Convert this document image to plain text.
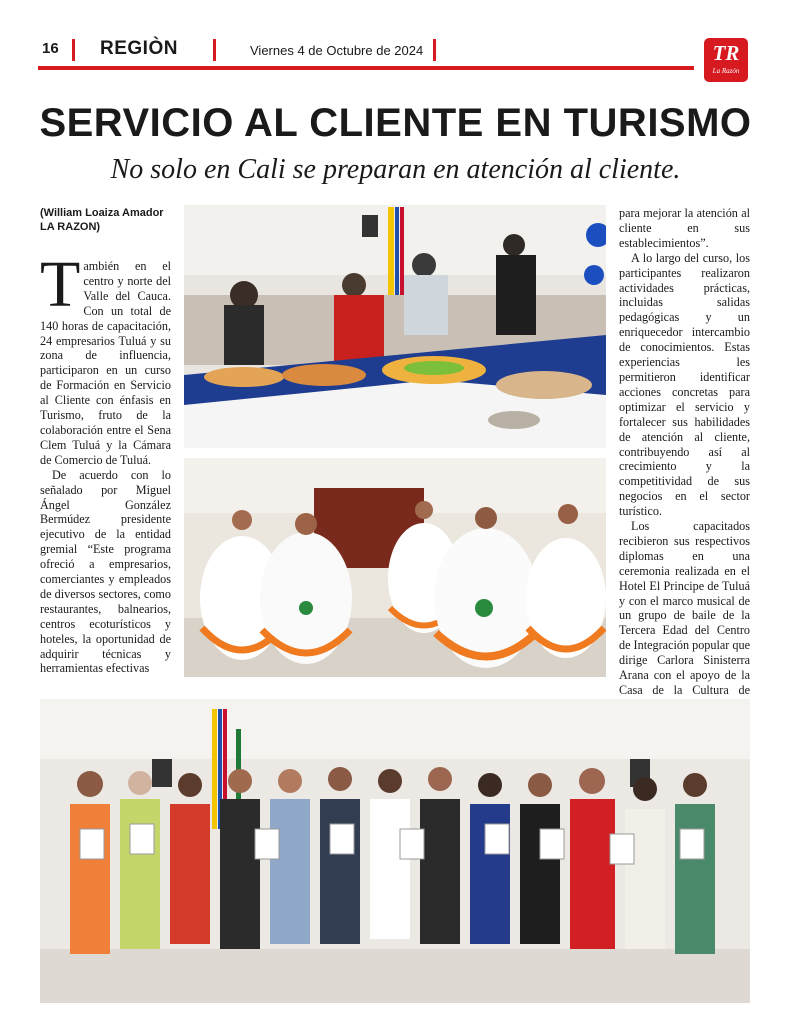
16 REGIÒN	Viernes 4 de Octubre de 2024	TR
La Razón
SERVICIO AL CLIENTE EN TURISMO
No solo en Cali se preparan en atención al cliente.
(William Loaiza Amador LA RAZON)
T ambién en el centro y norte del Valle del Cauca. Con un total de 140 horas de capacitación, 24 empresarios Tuluá y su zona de influencia, participaron en un curso de Formación en Servicio al Cliente con énfasis en Turismo, fruto de la colaboración entre el Sena Clem Tuluá y la Cámara de Comercio de Tuluá.

De acuerdo con lo señalado por Miguel Ángel González Bermúdez presidente ejecutivo de la entidad gremial “Este programa ofreció a empresarios, comerciantes y empleados de diversos sectores, como restaurantes, balnearios, centros ecoturísticos y hoteles, la oportunidad de adquirir técnicas y herramientas efectivas

para mejorar la atención al cliente en sus establecimientos”.

A lo largo del curso, los participantes realizaron actividades prácticas, incluidas salidas pedagógicas y un enriquecedor intercambio de conocimientos. Estas experiencias les permitieron identificar acciones concretas para optimizar el servicio y fortalecer sus habilidades de atención al cliente, contribuyendo así al crecimiento y la competitividad de sus negocios en el sector turístico.

Los capacitados recibieron sus respectivos diplomas en una ceremonia realizada en el Hotel El Principe de Tuluá y con el marco musical de un grupo de baile de la Tercera Edad del Centro de Integración popular que dirige Carlora Sinisterra Arana con el apoyo de la Casa de la Cultura de
